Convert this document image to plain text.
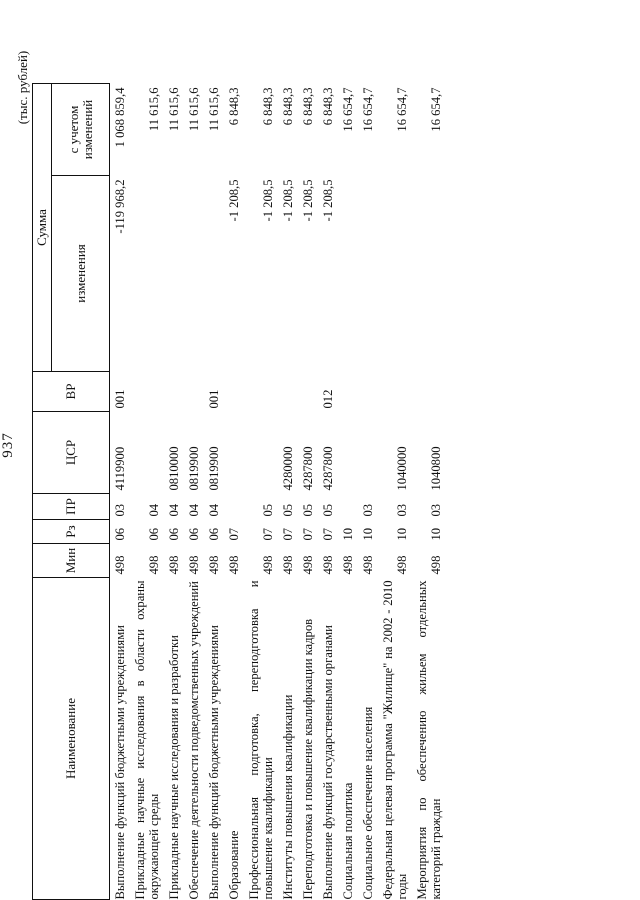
937
(тыс. рублей)
Наименование	Мин	Рз	ПР	ЦСР	ВР	Сумма	
						изменения	с учетом изменений
Выполнение функций бюджетными учреждениями	498	06	03	4119900	001	-119 968,2	1 068 859,4
Прикладные научные исследования в области охраны окружающей среды	498	06	04				11 615,6
Прикладные научные исследования и разработки	498	06	04	0810000			11 615,6
Обеспечение деятельности подведомственных учреждений	498	06	04	0819900			11 615,6
Выполнение функций бюджетными учреждениями	498	06	04	0819900	001		11 615,6
Образование	498	07				-1 208,5	6 848,3
Профессиональная подготовка, переподготовка и повышение квалификации	498	07	05			-1 208,5	6 848,3
Институты повышения квалификации	498	07	05	4280000		-1 208,5	6 848,3
Переподготовка и повышение квалификации кадров	498	07	05	4287800		-1 208,5	6 848,3
Выполнение функций государственными органами	498	07	05	4287800	012	-1 208,5	6 848,3
Социальная политика	498	10					16 654,7
Социальное обеспечение населения	498	10	03				16 654,7
Федеральная целевая программа "Жилище" на 2002 - 2010 годы	498	10	03	1040000			16 654,7
Мероприятия по обеспечению жильем отдельных категорий граждан	498	10	03	1040800			16 654,7
